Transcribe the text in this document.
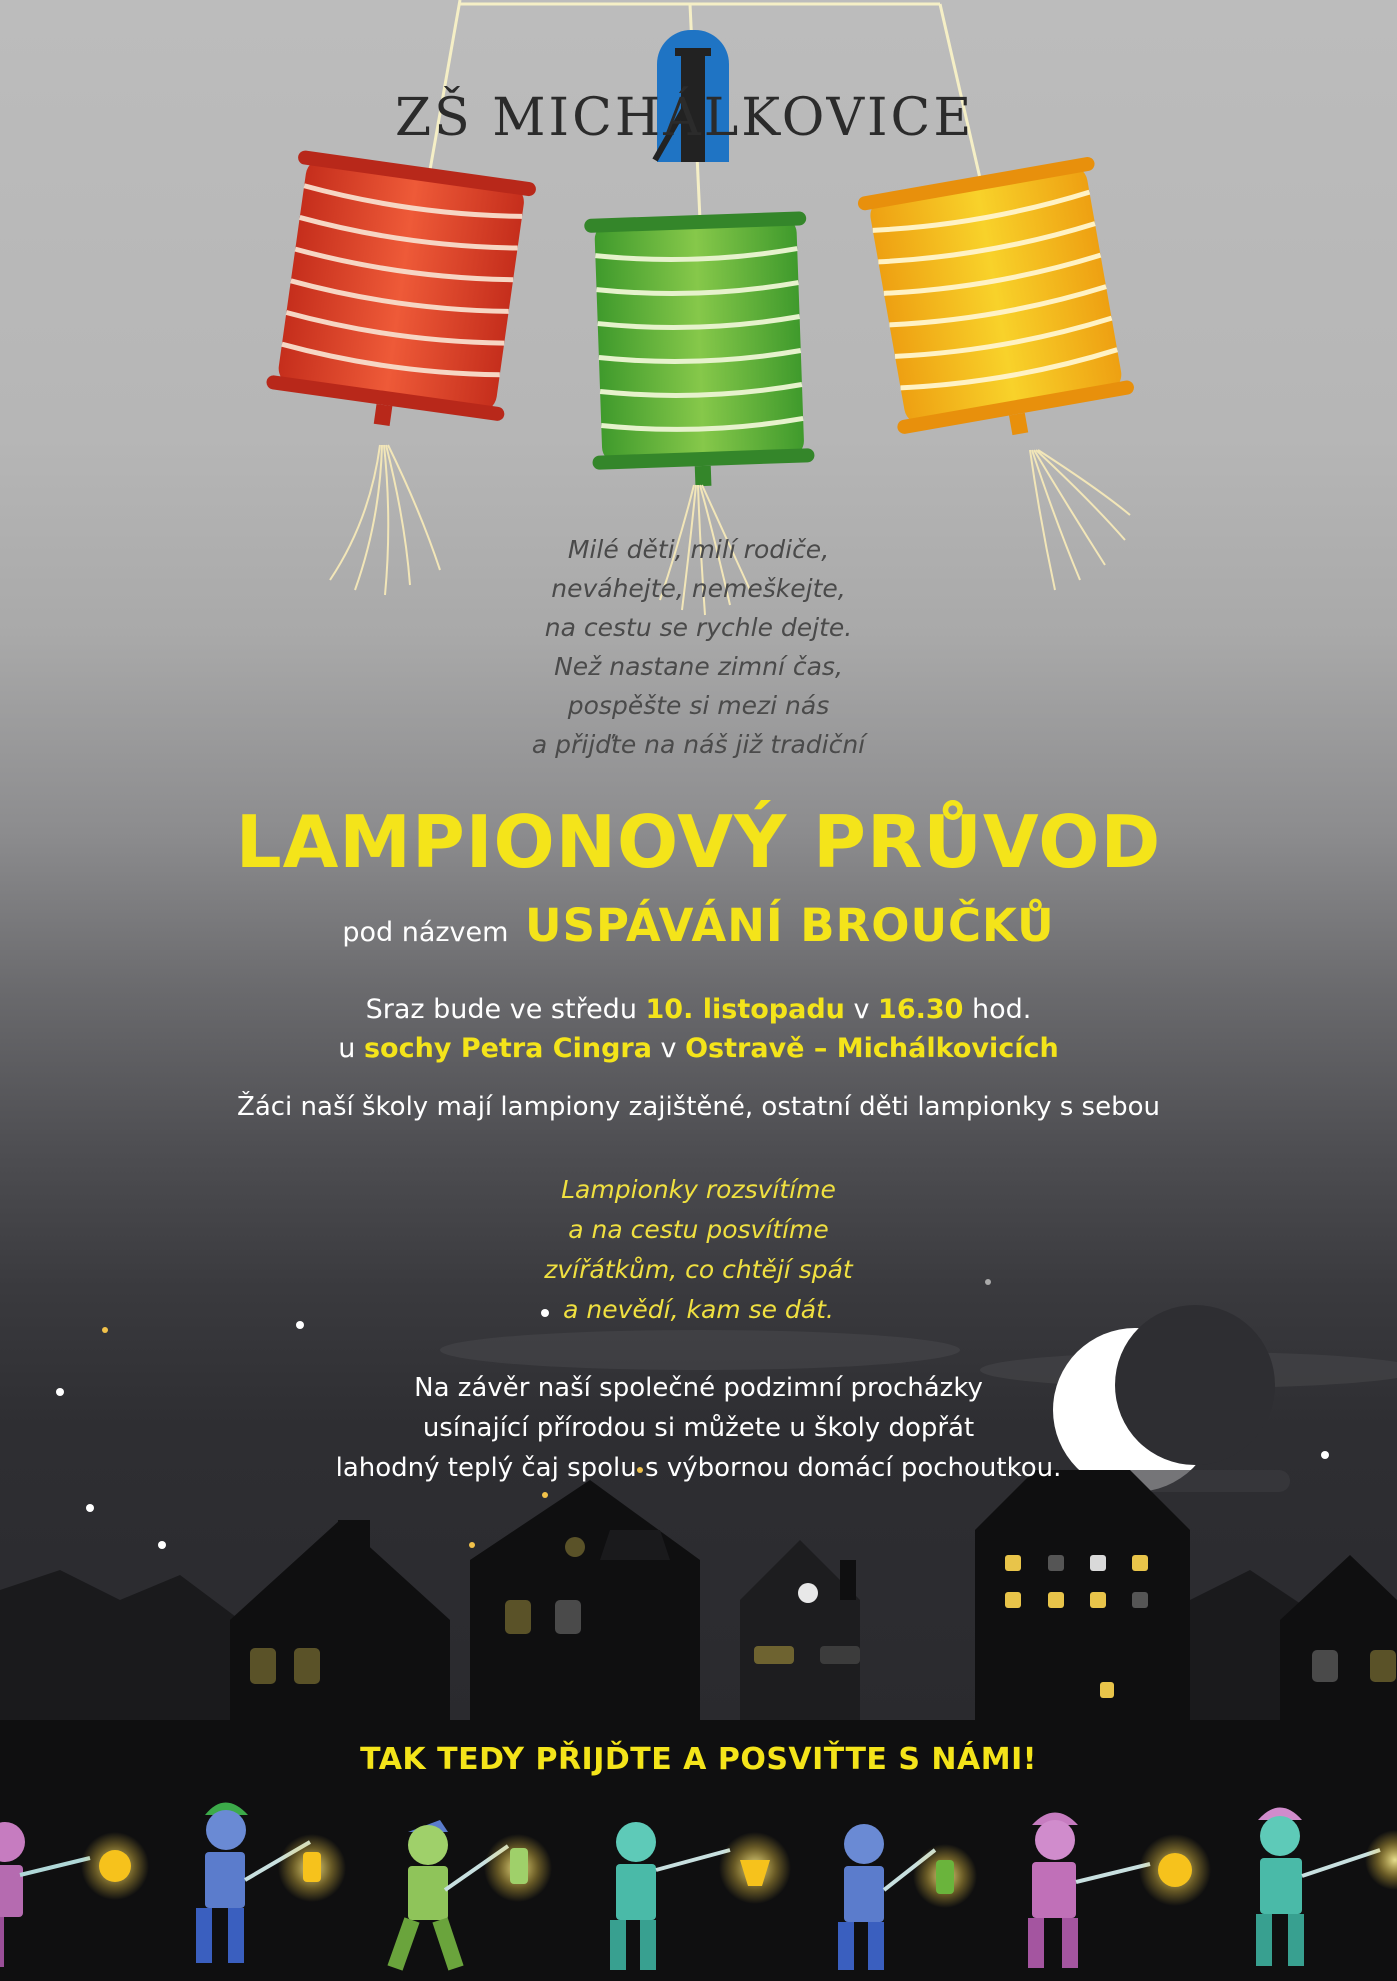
ZŠ MICHÁLKOVICE
Milé děti, milí rodiče,
neváhejte, nemeškejte,
na cestu se rychle dejte.
Než nastane zimní čas,
pospěšte si mezi nás
a přijďte na náš již tradiční
LAMPIONOVÝ PRŮVOD
pod názvem USPÁVÁNÍ BROUČKŮ
Sraz bude ve středu 10. listopadu v 16.30 hod.
u sochy Petra Cingra v Ostravě – Michálkovicích
Žáci naší školy mají lampiony zajištěné, ostatní děti lampionky s sebou
Lampionky rozsvítíme
a na cestu posvítíme
zvířátkům, co chtějí spát
a nevědí, kam se dát.
Na závěr naší společné podzimní procházky
usínající přírodou si můžete u školy dopřát
lahodný teplý čaj spolu s výbornou domácí pochoutkou.
TAK TEDY PŘIJĎTE A POSVIŤTE S NÁMI!
